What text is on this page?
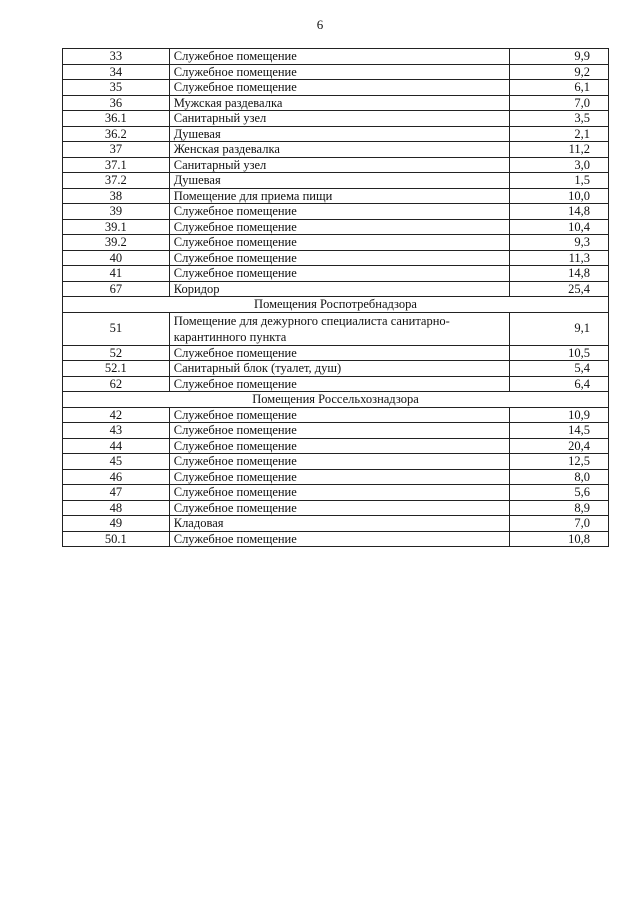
6
33	Служебное помещение	9,9
34	Служебное помещение	9,2
35	Служебное помещение	6,1
36	Мужская раздевалка	7,0
36.1	Санитарный узел	3,5
36.2	Душевая	2,1
37	Женская раздевалка	11,2
37.1	Санитарный узел	3,0
37.2	Душевая	1,5
38	Помещение для приема пищи	10,0
39	Служебное помещение	14,8
39.1	Служебное помещение	10,4
39.2	Служебное помещение	9,3
40	Служебное помещение	11,3
41	Служебное помещение	14,8
67	Коридор	25,4
Помещения Роспотребнадзора		
51	Помещение для дежурного специалиста санитарно-карантинного пункта	9,1
52	Служебное помещение	10,5
52.1	Санитарный блок (туалет, душ)	5,4
62	Служебное помещение	6,4
Помещения Россельхознадзора		
42	Служебное помещение	10,9
43	Служебное помещение	14,5
44	Служебное помещение	20,4
45	Служебное помещение	12,5
46	Служебное помещение	8,0
47	Служебное помещение	5,6
48	Служебное помещение	8,9
49	Кладовая	7,0
50.1	Служебное помещение	10,8
